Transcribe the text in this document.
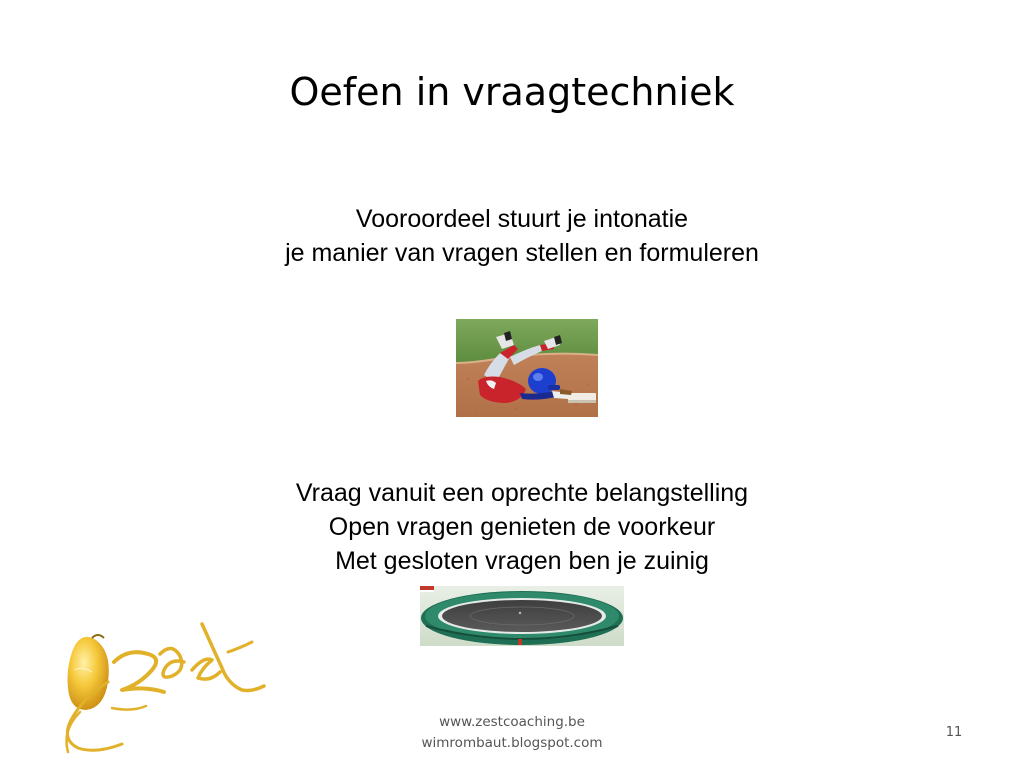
Oefen in vraagtechniek

Vooroordeel stuurt je intonatie

je manier van vragen stellen en formuleren

Vraag vanuit een oprechte belangstelling

Open vragen genieten de voorkeur

Met gesloten vragen ben je zuinig

www.zestcoaching.be
wimrombaut.blogspot.com
11
